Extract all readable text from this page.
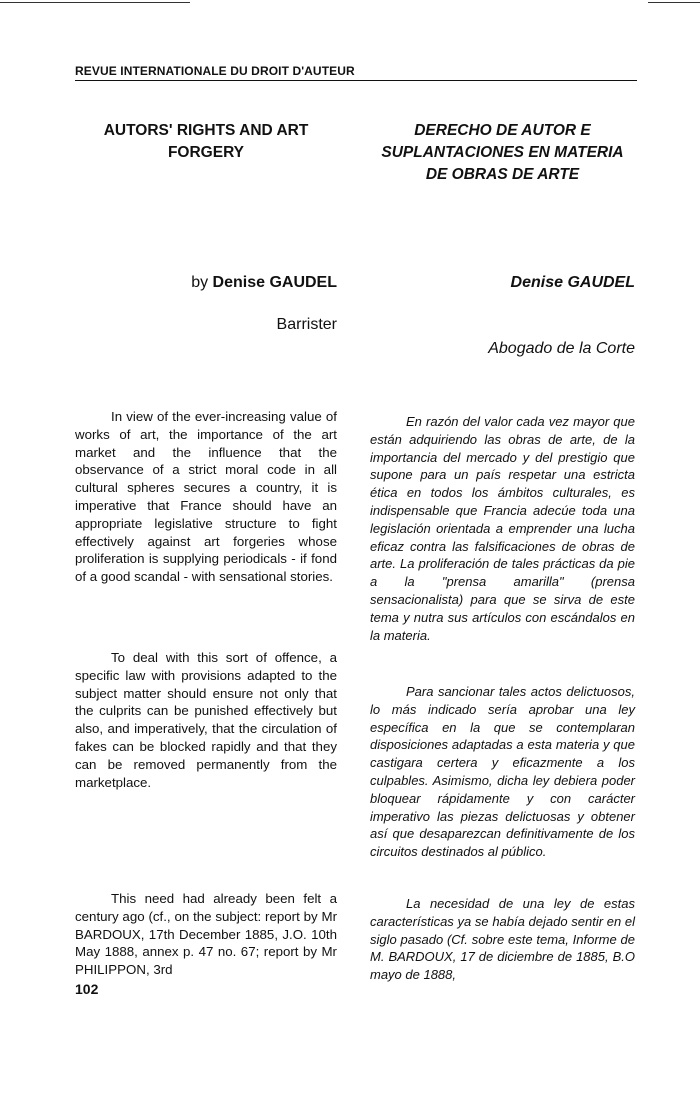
REVUE INTERNATIONALE DU DROIT D'AUTEUR
AUTORS' RIGHTS AND ART FORGERY
DERECHO DE AUTOR E SUPLANTACIONES EN MATERIA DE OBRAS DE ARTE
by Denise GAUDEL	Denise GAUDEL
Barrister
Abogado de la Corte

In view of the ever-increasing value of works of art, the importance of the art market and the influence that the observance of a strict moral code in all cultural spheres secures a country, it is imperative that France should have an appropriate legislative structure to fight effectively against art forgeries whose proliferation is supplying periodicals - if fond of a good scandal - with sensational stories.

To deal with this sort of offence, a specific law with provisions adapted to the subject matter should ensure not only that the culprits can be punished effectively but also, and imperatively, that the circulation of fakes can be blocked rapidly and that they can be removed permanently from the marketplace.

This need had already been felt a century ago (cf., on the subject: report by Mr BARDOUX, 17th December 1885, J.O. 10th May 1888, annex p. 47 no. 67; report by Mr PHILIPPON, 3rd

En razón del valor cada vez mayor que están adquiriendo las obras de arte, de la importancia del mercado y del prestigio que supone para un país respetar una estricta ética en todos los ámbitos culturales, es indispensable que Francia adecúe toda una legislación orientada a emprender una lucha eficaz contra las falsificaciones de obras de arte. La proliferación de tales prácticas da pie a la "prensa amarilla" (prensa sensacionalista) para que se sirva de este tema y nutra sus artículos con escándalos en la materia.

Para sancionar tales actos delictuosos, lo más indicado sería aprobar una ley específica en la que se contemplaran disposiciones adaptadas a esta materia y que castigara certera y eficazmente a los culpables. Asimismo, dicha ley debiera poder bloquear rápidamente y con carácter imperativo las piezas delictuosas y obtener así que desaparezcan definitivamente de los circuitos destinados al público.

La necesidad de una ley de estas características ya se había dejado sentir en el siglo pasado (Cf. sobre este tema, Informe de M. BARDOUX, 17 de diciembre de 1885, B.O mayo de 1888,

102
